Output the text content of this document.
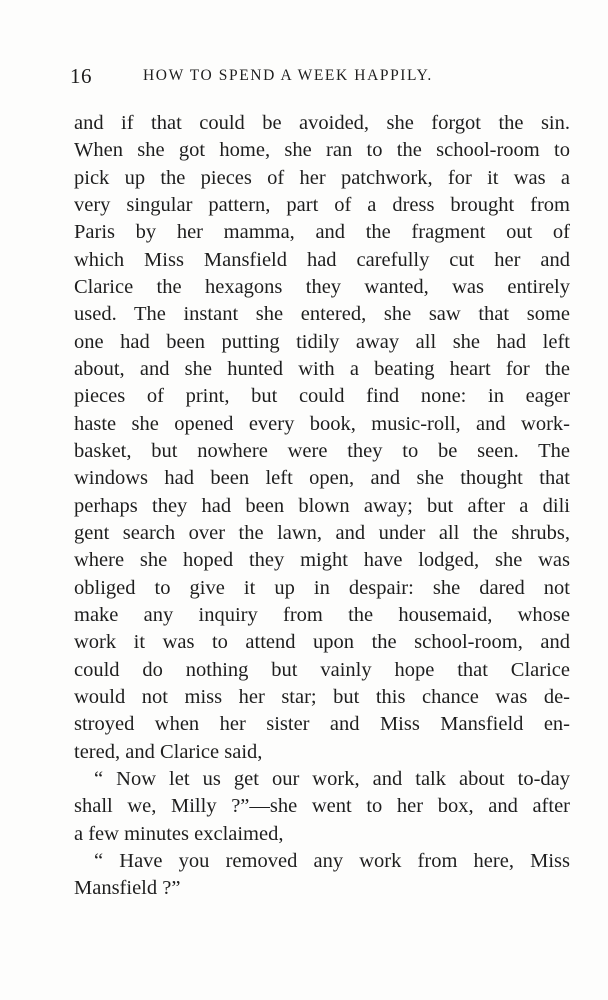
16	HOW TO SPEND A WEEK HAPPILY.
and if that could be avoided, she forgot the sin.
When she got home, she ran to the school-room to
pick up the pieces of her patchwork, for it was a
very singular pattern, part of a dress brought from
Paris by her mamma, and the fragment out of
which Miss Mansfield had carefully cut her and
Clarice the hexagons they wanted, was entirely
used. The instant she entered, she saw that some
one had been putting tidily away all she had left
about, and she hunted with a beating heart for the
pieces of print, but could find none: in eager
haste she opened every book, music-roll, and work-
basket, but nowhere were they to be seen. The
windows had been left open, and she thought that
perhaps they had been blown away; but after a dili
gent search over the lawn, and under all the shrubs,
where she hoped they might have lodged, she was
obliged to give it up in despair: she dared not
make any inquiry from the housemaid, whose
work it was to attend upon the school-room, and
could do nothing but vainly hope that Clarice
would not miss her star; but this chance was de-
stroyed when her sister and Miss Mansfield en-
tered, and Clarice said,
“ Now let us get our work, and talk about to-day
shall we, Milly ?”—she went to her box, and after
a few minutes exclaimed,
“ Have you removed any work from here, Miss
Mansfield ?”
